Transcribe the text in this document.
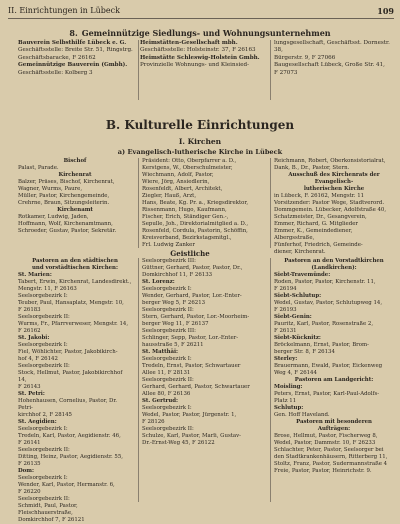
II. Einrichtungen in Lübeck	109
8. Gemeinnützige Siedlungs- und Wohnungsunternehmen
Bauverein Selbsthilfe Lübeck e. G.
Geschäftsstelle: Breite Str. 51, Ringstrg.
Geschäftsbaracke, F 26162
Gemeinnützige Bauverein (Gmbh).
Geschäftsstelle: Kolberg 3
Heimstätten-Gesellschaft mbh.
Geschäftsstelle: Holsteinstr. 37, F 26163
Heimstätte Schleswig-Holstein Gmbh.
Provinzielle Wohnungs- und Kleinsied-
lungsgesellschaft, Geschäftsst. Dornestr. 38,
Bürgerstr. 9, F 27066
Baugesellschaft Lübeck, Große Str. 41,
F 27073
B. Kulturelle Einrichtungen
I. Kirchen
a) Evangelisch-lutherische Kirche in Lübeck
Bischof
Palast, Parade.
Kirchenrat
Balzer, Präses, Bischof, Kirchenrat,
Wagner, Wurms, Paure,
Müller, Pastor, Kirchengemeinde,
Crehrne, Braun, Sitzungsleiterin.
Kirchenamt
Rotkamer, Ludwig, Jaden,
Hoffmann, Wolf, Kirchenamtmann,
Schroeder, Gustav, Pastor, Sekretär.
Präsident: Otto, Oberpfarrer a. D.,
Kerstgens, W., Oberschulmeister,
Wiechmann, Adolf, Pastor,
Wiere, Jörg, Ansiedlerin,
Rosenfeldt, Albert, Architekt,
Ziegler, Hauß, Arzt,
Hans, Beate, Kg. Pr. a., Kriegsdirektor,
Rissenmann, Hugo, Kaufmann,
Fischer, Erich, Ständiger Gen.-,
Sepulle, Joh., Direktorialmitglied a. D.,
Rosenfeld, Cordula, Pastorin, Schöffin,
Kreisverband, Bezirkstagsmitgl.,
Frl. Ludwig Zanker
Reichmann, Robert, Oberkonsistorialrat,
Dank, B., Dr., Pastor, Stern.
Ausschuß des Kirchenrats der Evangelisch-
lutherischen Kirche
in Lübeck, F. 26162, Mengstr. 11
Vorsitzender: Pastor Wege, Stadtverord.
Dommgemein. Lübecker, Adolfstraße 40,
Schatzmeister, Dr., Gesangverein,
Emmer, Richard, G. Mitglieder
Emmer, K., Gemeindediener, Albergsstraße,
Fünferhof, Friedrich, Gemeinde-
diener, Kirchenrat.
Geistliche
Pastoren an den städtischen
und vorstädtischen Kirchen:
St. Marien:
Tabert, Erwin, Kirchenrat, Landesdirekt.,
Mengstr. 11, F 26163
Seelsorgebezirk I:
Teuber, Paul, Hansaplatz, Mengstr. 10,
F 26183
Seelsorgebezirk II:
Wurms, Fr., Pfarrverweser, Mengstr. 14,
F 26162
St. Jakobi:
Seelsorgebezirk I:
Fiel, Wöhlichter, Pastor, Jakobikirch-
hof 4, F 26142
Seelsorgebezirk II:
Stock, Hellmut, Pastor, Jakobikirchhof 14,
F 26143
St. Petri:
Hohenhausen, Cornelius, Pastor, Dr. Petri-
kirchhof 2, F 28145
St. Aegidien:
Seelsorgebezirk I:
Tredeln, Karl, Pastor, Aegidienstr. 46,
F 26141
Seelsorgebezirk II:
Ditting, Heinz, Pastor, Aegidienstr. 55,
F 26135
Dom:
Seelsorgebezirk I:
Wender, Karl, Pastor, Hermanstr. 6,
F 26220
Seelsorgebezirk II:
Schmidt, Paul, Pastor, Fleischhauerstraße,
Domkirchhof 7, F 26121
Seelsorgebezirk III:
Güttner, Gerhard, Pastor, Pastor, Dr.,
Domkirchhof 11, F 26133
St. Lorenz:
Seelsorgebezirk I:
Wender, Gerhard, Pastor, Lor.-Enter-
berger Weg 5, F 26213
Seelsorgebezirk II:
Stern, Gerhard, Pastor, Lor.-Moorheim-
berger Weg 11, F 26137
Seelsorgebezirk III:
Schlinger, Sepp, Pastor, Lor.-Enter-
hausstraße 5, F 26211
St. Matthäi:
Seelsorgebezirk I:
Tredeln, Ernst, Pastor, Schwartauer
Allee 11, F 28131
Seelsorgebezirk II:
Gerhard, Gerhard, Pastor, Schwartauer
Allee 80, F 26136
St. Gertrud:
Seelsorgebezirk I:
Wedel, Pastor, Pastor, Jürgenstr. 1,
F 28126
Seelsorgebezirk II:
Schulze, Karl, Pastor, Marli, Gustav-
Dr.-Ernst-Weg 45, F 26122
Pastoren an den Vorstadtkirchen
(Landkirchen):
Siebt-Travemünde:
Roden, Pastor, Pastor, Kirchenstr. 11,
F 26194
Siebt-Schlutup:
Wedel, Gustav, Pastor, Schlutupweg 14,
F 26193
Siebt-Genin:
Pauritz, Karl, Pastor, Rosenstraße 2,
F 26131
Siebt-Kücknitz:
Bröckelmann, Ernst, Pastor, Brom-
berger Str. 8, F 26134
Sterley:
Brauermann, Ewald, Pastor, Eickenweg
Weg 4, F 26144
Pastoren am Landgericht:
Moisling:
Peters, Ernst, Pastor, Karl-Paul-Adolfs-
Platz 11
Schlutup:
Gen. Hoff Haveland.
Pastoren mit besonderen
Aufträgen:
Brose, Hellmut, Pastor, Fischerweg 8,
Wedel, Pastor, Dammstr. 10, F 26233
Schlachter, Peter, Pastor, Seelsorger bei
den Stadtkrankenhäusern, Ritterberg 11,
Stoltz, Franz, Pastor, Sudermannstraße 4
Freie, Pastor, Pastor, Heinrichstr. 9.
